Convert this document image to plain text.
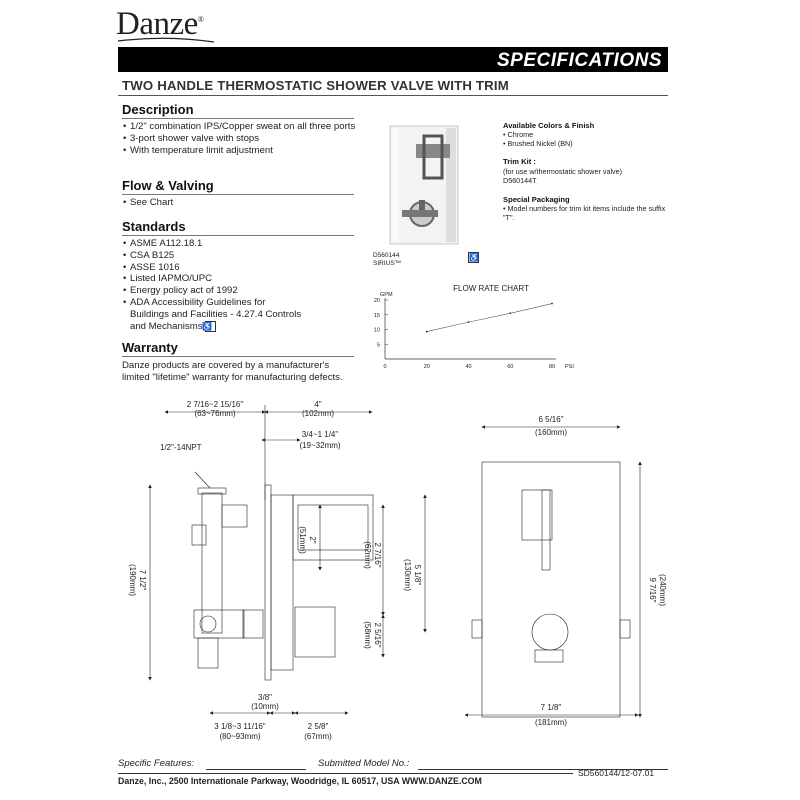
Danze®
SPECIFICATIONS
TWO HANDLE THERMOSTATIC SHOWER VALVE WITH TRIM
Description
• 1/2" combination IPS/Copper sweat on all three ports
• 3-port shower valve with stops
• With temperature limit adjustment
Flow & Valving
• See Chart
Standards
• ASME A112.18.1
• CSA B125
• ASSE 1016
• Listed IAPMO/UPC
• Energy policy act of 1992
• ADA Accessibility Guidelines for Buildings and Facilities - 4.27.4 Controls and Mechanisms ♿
Warranty
Danze products are covered by a manufacturer's limited "lifetime" warranty for manufacturing defects.
D560144
SIRIUS™
♿
Available Colors & Finish
• Chrome
• Brushed Nickel (BN)
Trim Kit :
(for use w/thermostatic shower valve)
D560144T
Special Packaging
• Model numbers for trim kit items include the suffix "T".
FLOW RATE CHART
GPM
0	20	40	60	80
5
10
15
20
PSI
2 7/16~2 15/16"
(63~76mm)
4"
(102mm)
3/4~1 1/4"
(19~32mm)
1/2"-14NPT
7 1/2"
(190mm)
2"
(51mm)
2 7/16"
(62mm)
5 1/8"
(130mm)
2 5/16"
(58mm)
3/8"
(10mm)
3 1/8~3 11/16"
(80~93mm)
2 5/8"
(67mm)
6 5/16"
(160mm)
9 7/16" (240mm)
7 1/8"
(181mm)
Specific Features:	Submitted Model No.:
Danze, Inc., 2500 Internationale Parkway, Woodridge, IL 60517, USA WWW.DANZE.COM
SD560144/12-07.01
